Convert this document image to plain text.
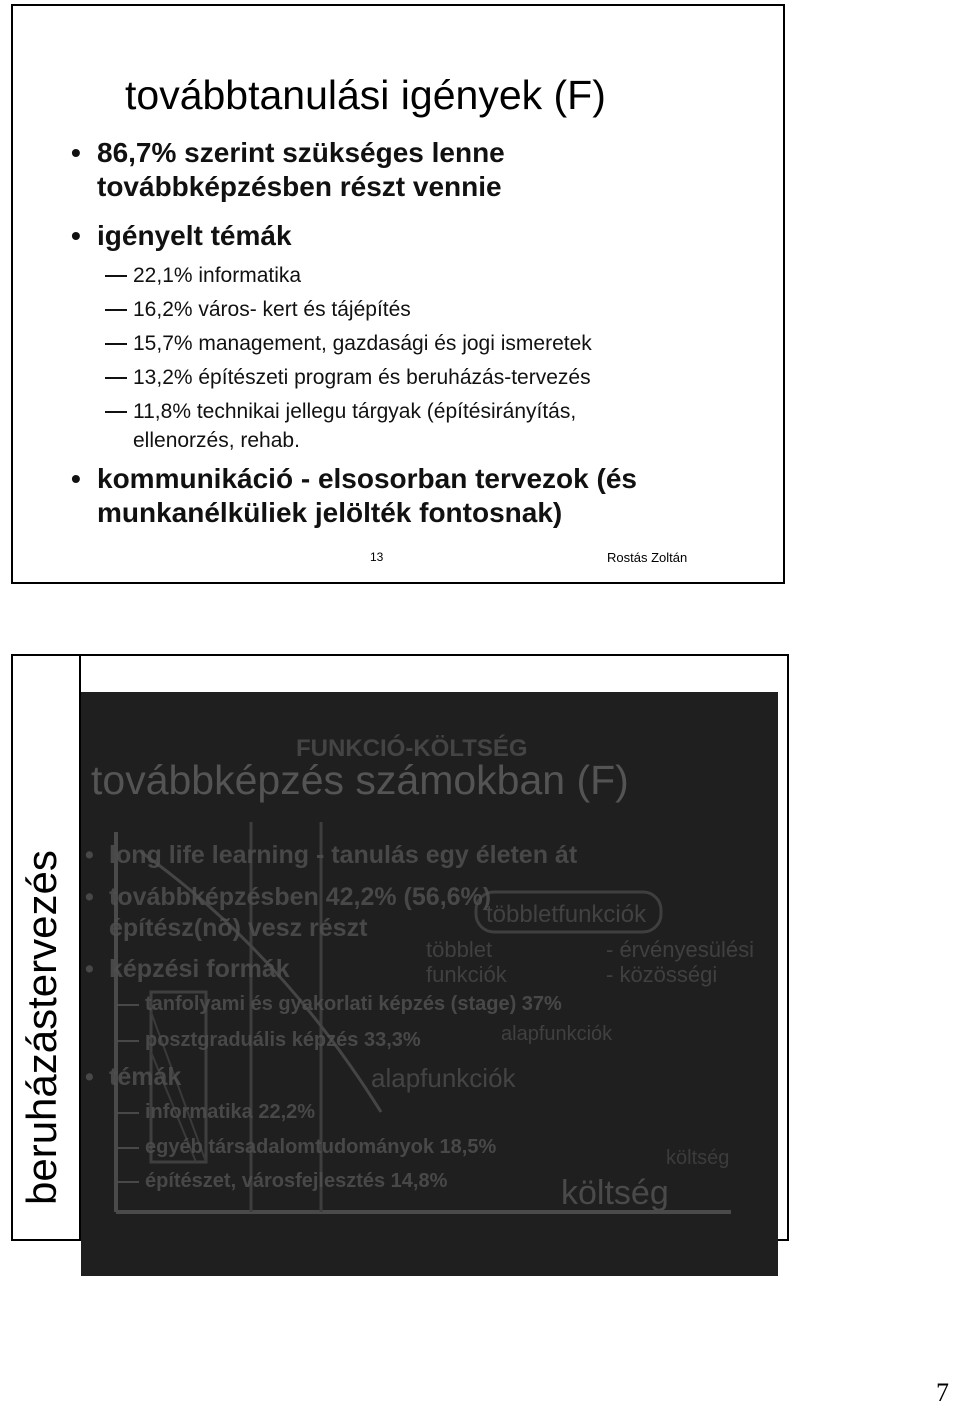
továbbtanulási igények (F)
• 86,7% szerint szükséges lenne
továbbképzésben részt vennie
• igényelt témák
22,1% informatika
16,2% város- kert és tájépítés
15,7% management, gazdasági és jogi ismeretek
13,2% építészeti program és beruházás-tervezés
11,8% technikai jellegu tárgyak (építésirányítás,
ellenorzés, rehab.
• kommunikáció - elsosorban tervezok (és
munkanélküliek jelölték fontosnak)
13	Rostás Zoltán
beruházástervezés
FUNKCIÓ-KÖLTSÉG
többletfunkciók
többlet
funkciók
- érvényesülési
- közösségi
alapfunkciók
alapfunkciók
költség
költség
továbbképzés számokban (F)
• long life learning - tanulás egy életen át
• továbbképzésben 42,2% (56,6%)
építész(nõ) vesz részt
• képzési formák
tanfolyami és gyakorlati képzés (stage) 37%
posztgraduális képzés 33,3%
• témák
informatika 22,2%
egyéb társadalomtudományok 18,5%
építészet, városfejlesztés 14,8%
7
